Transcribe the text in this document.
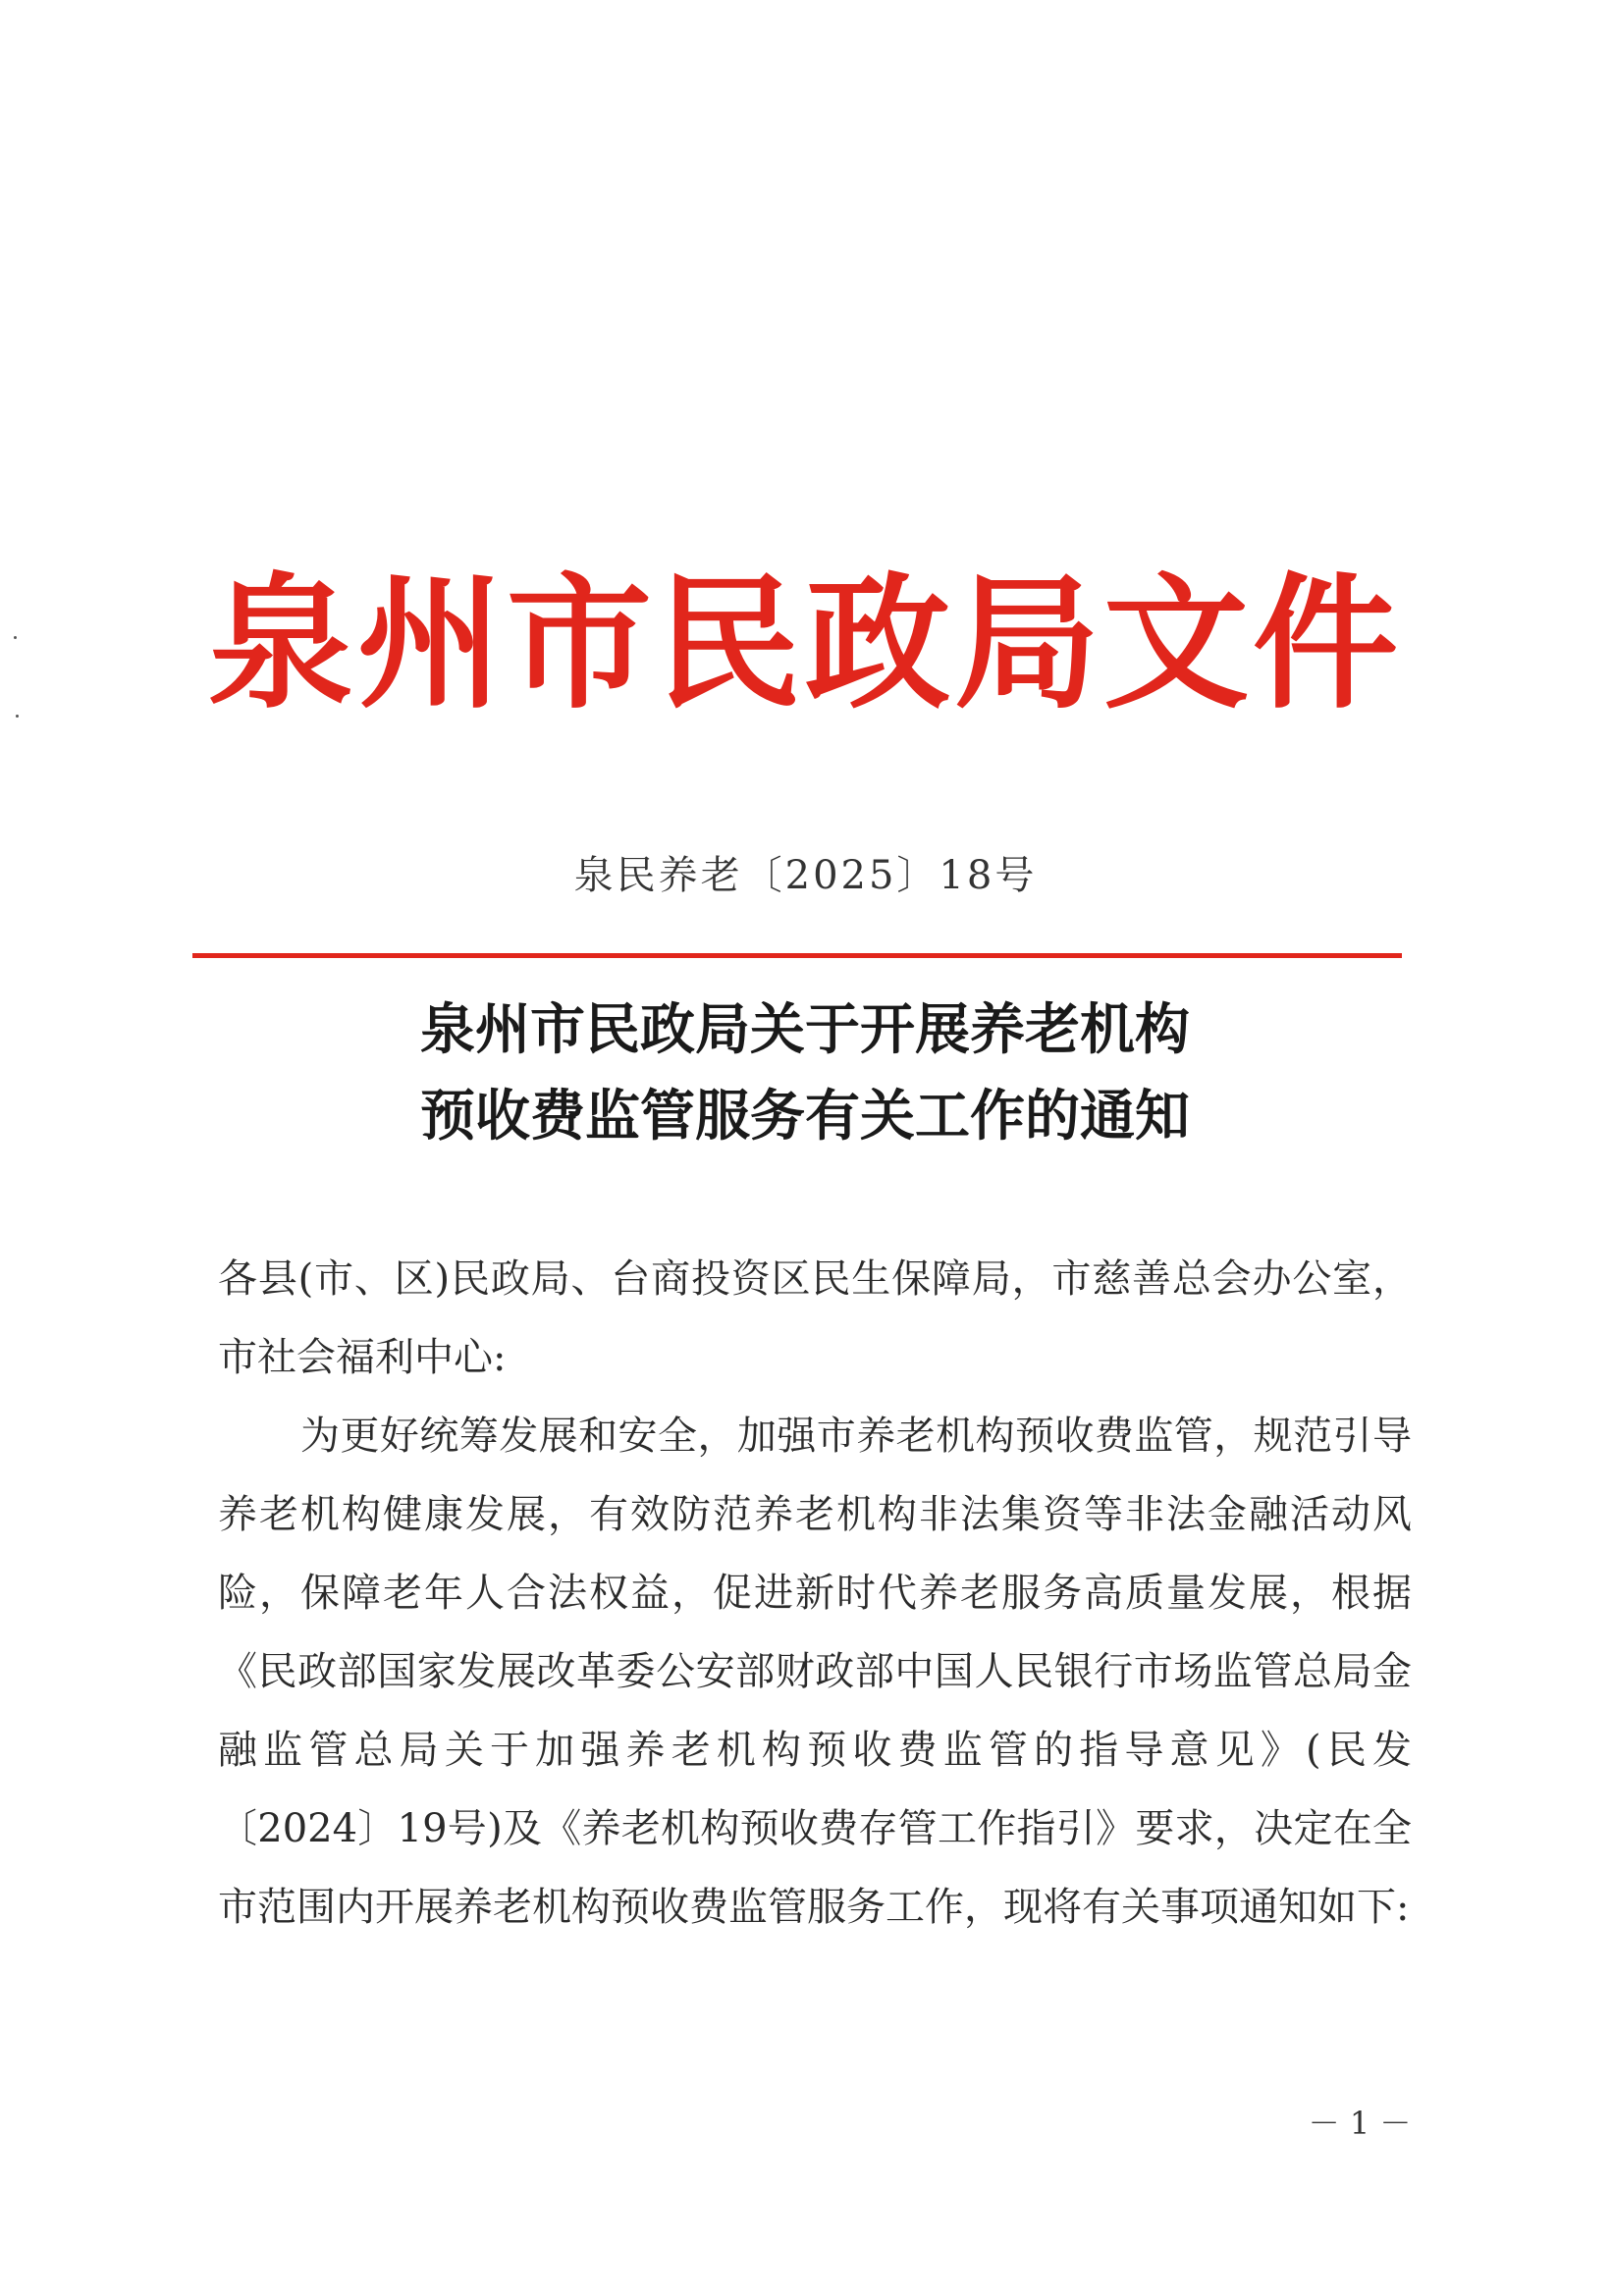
泉州市民政局文件
泉民养老〔2025〕18号
泉州市民政局关于开展养老机构
预收费监管服务有关工作的通知

各县(市、区)民政局、台商投资区民生保障局，市慈善总会办公室，市社会福利中心:

为更好统筹发展和安全，加强市养老机构预收费监管，规范引导养老机构健康发展，有效防范养老机构非法集资等非法金融活动风险，保障老年人合法权益，促进新时代养老服务高质量发展，根据《民政部国家发展改革委公安部财政部中国人民银行市场监管总局金融监管总局关于加强养老机构预收费监管的指导意见》(民发〔2024〕19号)及《养老机构预收费存管工作指引》要求，决定在全市范围内开展养老机构预收费监管服务工作，现将有关事项通知如下:

－ 1 －
